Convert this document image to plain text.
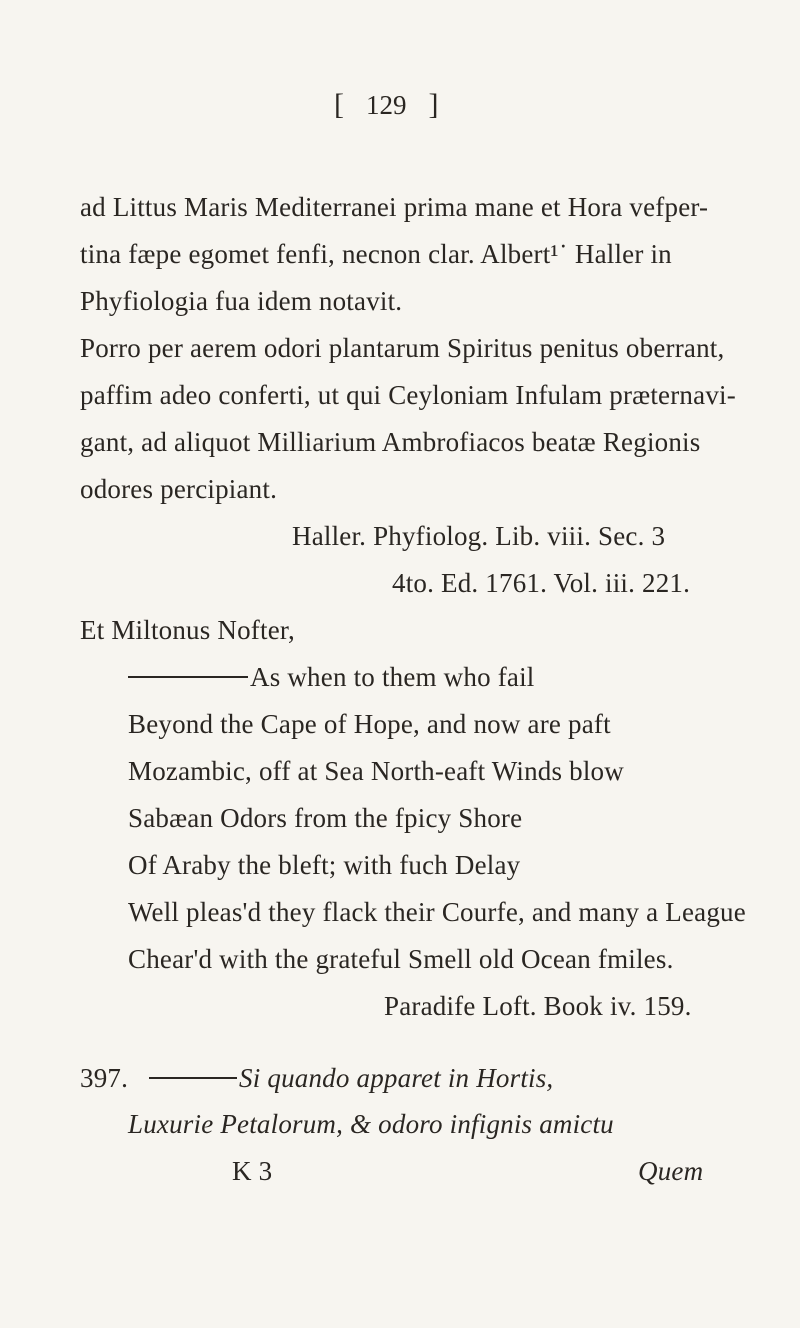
[ 129 ]
ad Littus Maris Mediterranei prima mane et Hora vefper-
tina fæpe egomet fenfi, necnon clar. Albert¹˙ Haller in
Phyfiologia fua idem notavit.
Porro per aerem odori plantarum Spiritus penitus oberrant,
paffim adeo conferti, ut qui Ceyloniam Infulam præternavi-
gant, ad aliquot Milliarium Ambrofiacos beatæ Regionis
odores percipiant.
Haller. Phyfiolog. Lib. viii. Sec. 3
4to. Ed. 1761. Vol. iii. 221.
Et Miltonus Nofter,
As when to them who fail
Beyond the Cape of Hope, and now are paft
Mozambic, off at Sea North-eaft Winds blow
Sabæan Odors from the fpicy Shore
Of Araby the bleft; with fuch Delay
Well pleas'd they flack their Courfe, and many a League
Chear'd with the grateful Smell old Ocean fmiles.
Paradife Loft. Book iv. 159.
397.	Si quando apparet in Hortis,
Luxurie Petalorum, & odoro infignis amictu
K 3	Quem
